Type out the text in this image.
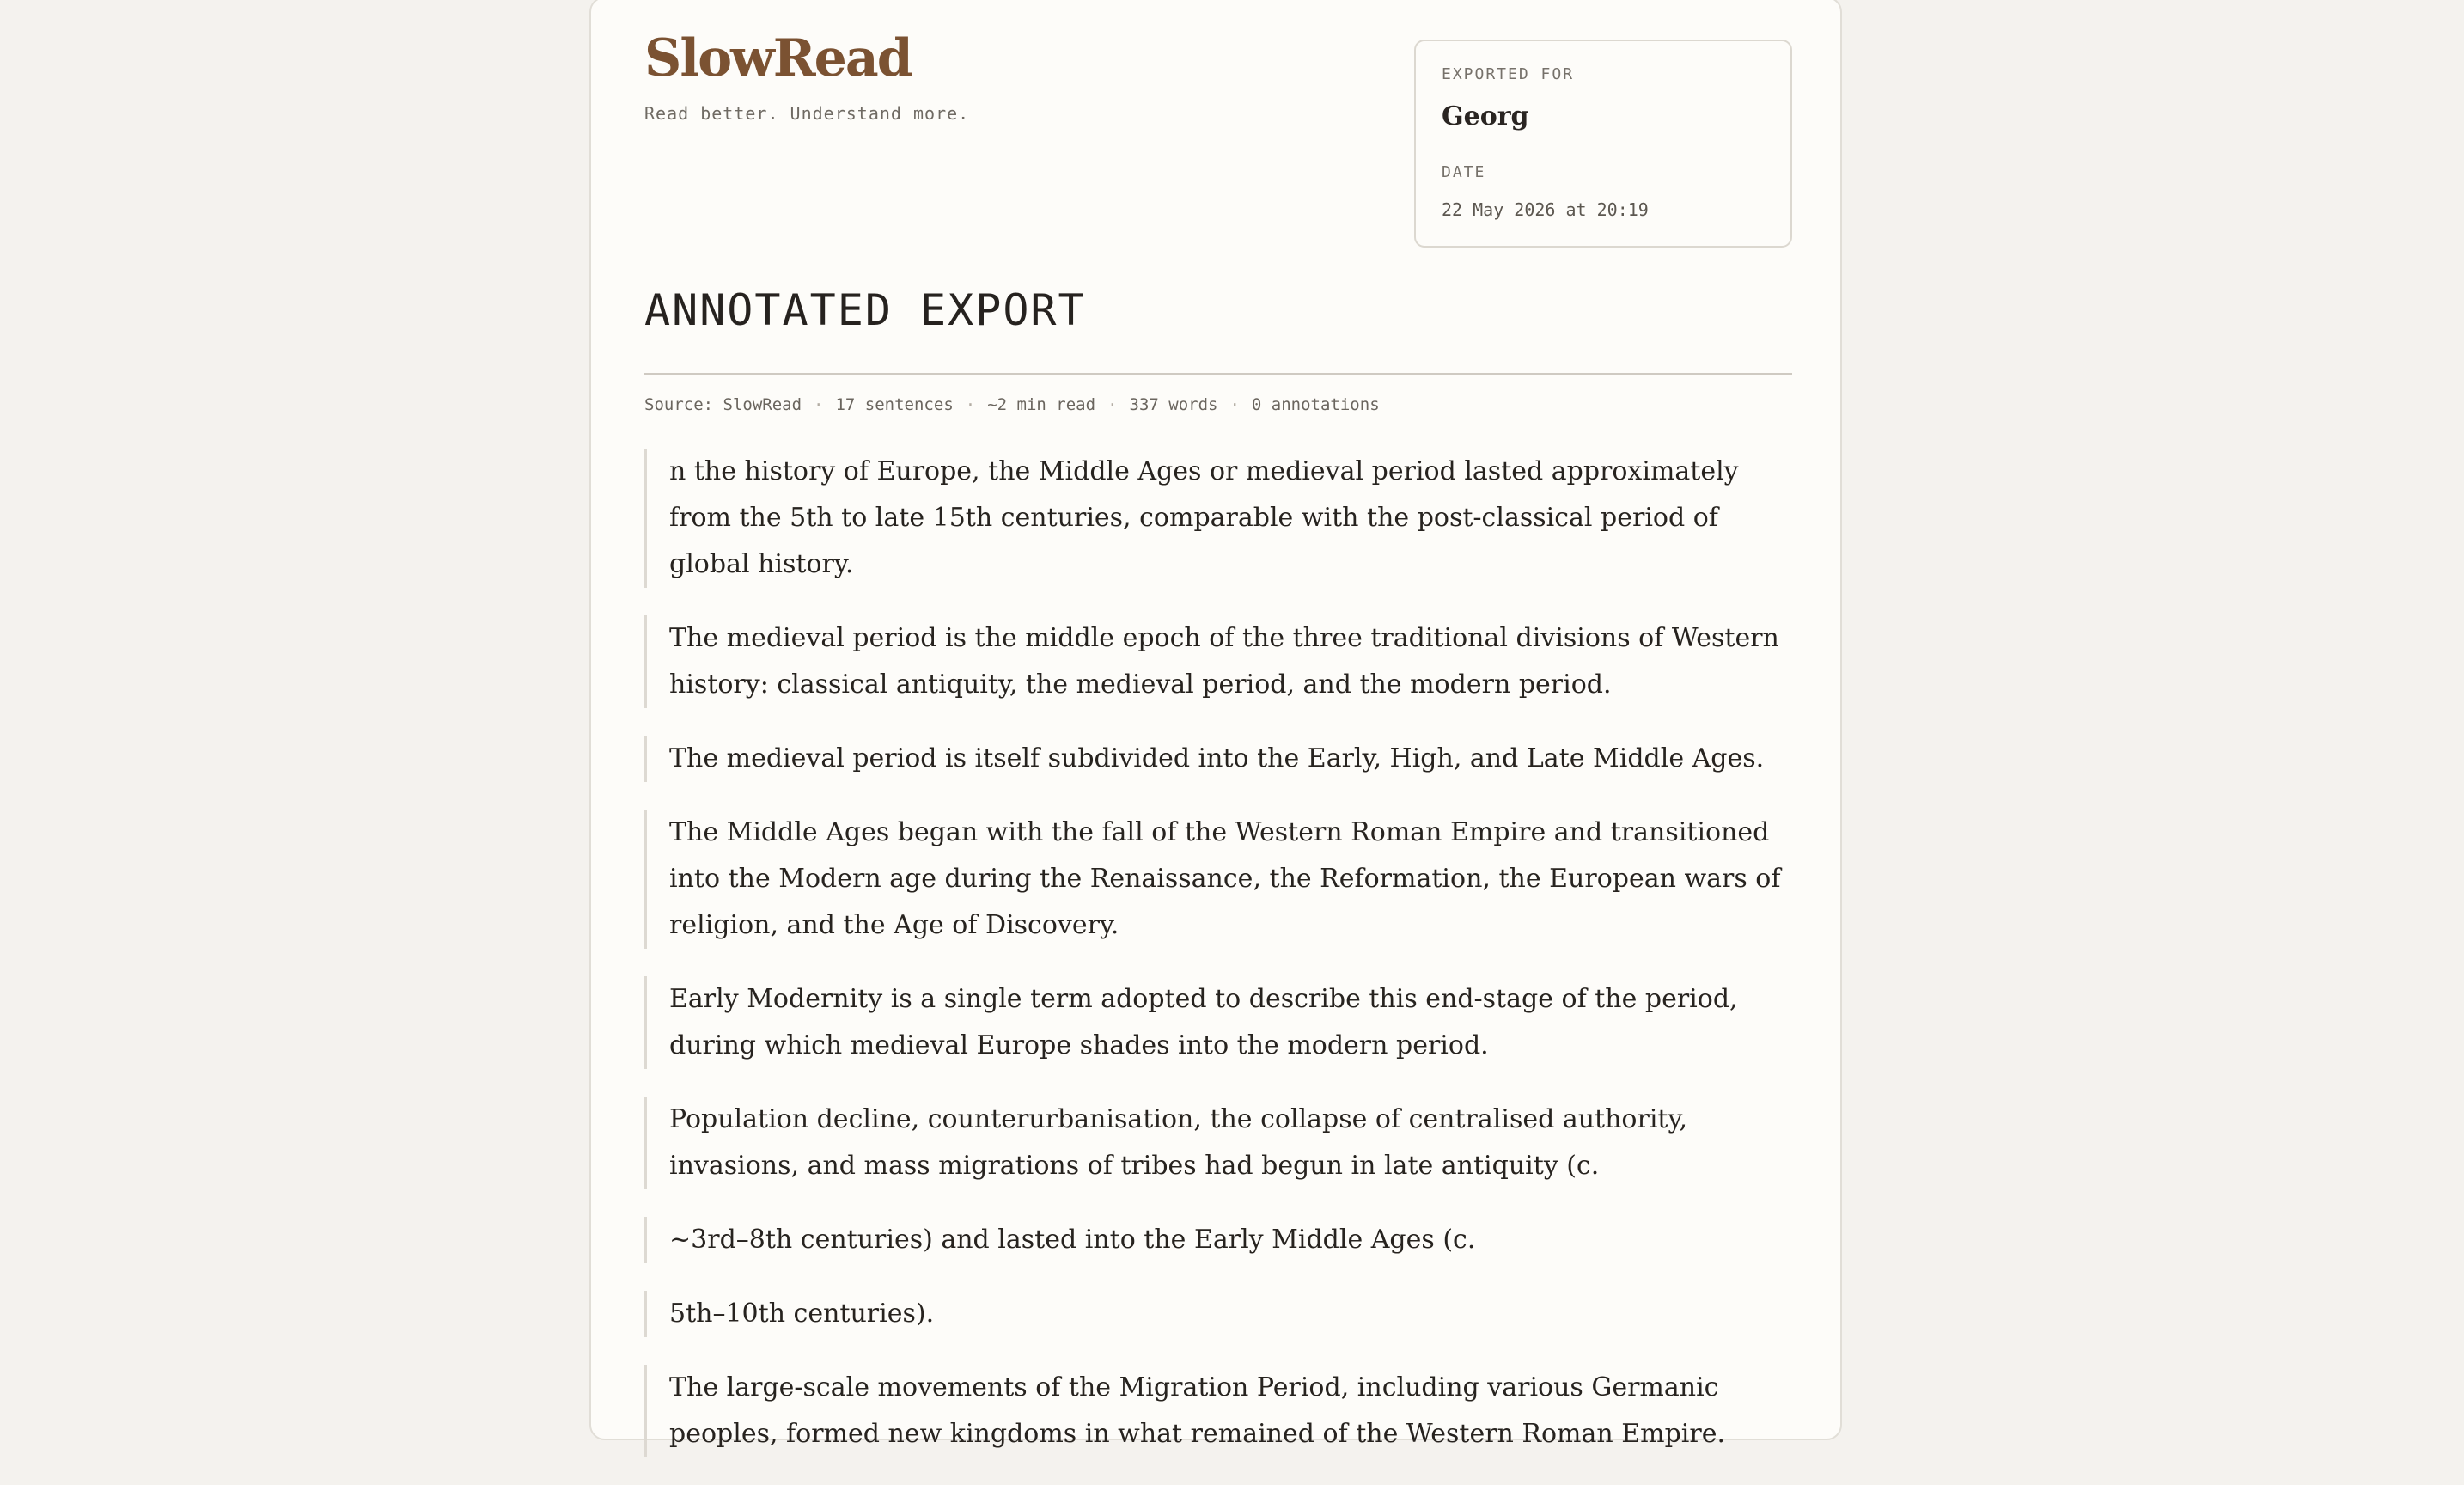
SlowRead
Read better. Understand more.
EXPORTED FOR
Georg
DATE
22 May 2026 at 20:19
ANNOTATED EXPORT
Source: SlowRead · 17 sentences · ~2 min read · 337 words · 0 annotations
n the history of Europe, the Middle Ages or medieval period lasted approximately from the 5th to late 15th centuries, comparable with the post-classical period of global history.
The medieval period is the middle epoch of the three traditional divisions of Western history: classical antiquity, the medieval period, and the modern period.
The medieval period is itself subdivided into the Early, High, and Late Middle Ages.
The Middle Ages began with the fall of the Western Roman Empire and transitioned into the Modern age during the Renaissance, the Reformation, the European wars of religion, and the Age of Discovery.
Early Modernity is a single term adopted to describe this end-stage of the period, during which medieval Europe shades into the modern period.
Population decline, counterurbanisation, the collapse of centralised authority, invasions, and mass migrations of tribes had begun in late antiquity (c.
~3rd–8th centuries) and lasted into the Early Middle Ages (c.
5th–10th centuries).
The large-scale movements of the Migration Period, including various Germanic peoples, formed new kingdoms in what remained of the Western Roman Empire.
